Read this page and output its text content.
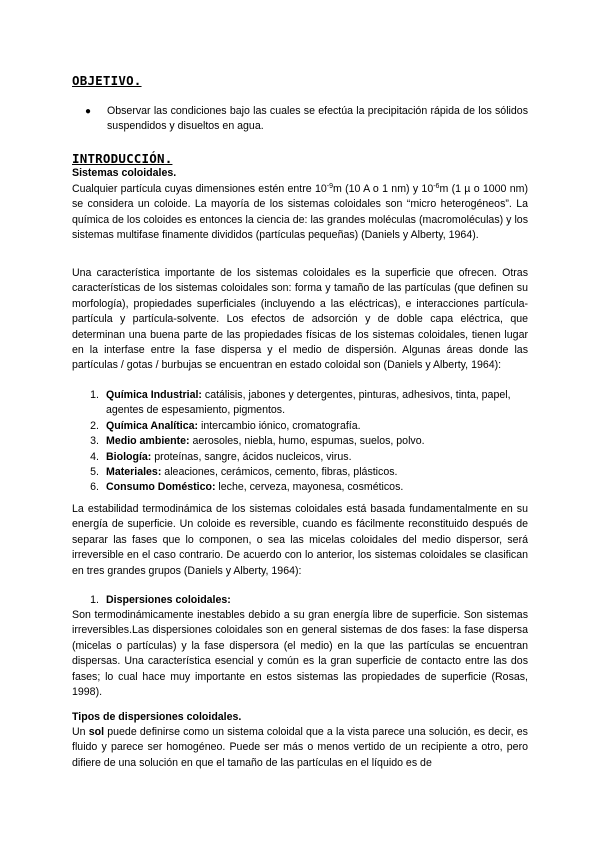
OBJETIVO.
●	Observar las condiciones bajo las cuales se efectúa la precipitación rápida de los sólidos suspendidos y disueltos en agua.
INTRODUCCIÓN.
Sistemas coloidales.
Cualquier partícula cuyas dimensiones estén entre $10^{-9}m$ (10 A o 1 nm) y $10^{-6}m$ (1 µ o 1000 nm) se considera un coloide. La mayoría de los sistemas coloidales son “micro heterogéneos”. La química de los coloides es entonces la ciencia de: las grandes moléculas (macromoléculas) y los sistemas multifase finamente divididos (partículas pequeñas) (Daniels y Alberty, 1964).
Una característica importante de los sistemas coloidales es la superficie que ofrecen. Otras características de los sistemas coloidales son: forma y tamaño de las partículas (que definen su morfología), propiedades superficiales (incluyendo a las eléctricas), e interacciones partícula-partícula y partícula-solvente. Los efectos de adsorción y de doble capa eléctrica, que determinan una buena parte de las propiedades físicas de los sistemas coloidales, tienen lugar en la interfase entre la fase dispersa y el medio de dispersión. Algunas áreas donde las partículas / gotas / burbujas se encuentran en estado coloidal son (Daniels y Alberty, 1964):
1. Química Industrial: catálisis, jabones y detergentes, pinturas, adhesivos, tinta, papel, agentes de espesamiento, pigmentos.
2. Química Analítica: intercambio iónico, cromatografía.
3. Medio ambiente: aerosoles, niebla, humo, espumas, suelos, polvo.
4. Biología: proteínas, sangre, ácidos nucleicos, virus.
5. Materiales: aleaciones, cerámicos, cemento, fibras, plásticos.
6. Consumo Doméstico: leche, cerveza, mayonesa, cosméticos.
La estabilidad termodinámica de los sistemas coloidales está basada fundamentalmente en su energía de superficie. Un coloide es reversible, cuando es fácilmente reconstituido después de separar las fases que lo componen, o sea las micelas coloidales del medio dispersor, será irreversible en el caso contrario. De acuerdo con lo anterior, los sistemas coloidales se clasifican en tres grandes grupos (Daniels y Alberty, 1964):
1. Dispersiones coloidales:
Son termodinámicamente inestables debido a su gran energía libre de superficie. Son sistemas irreversibles.Las dispersiones coloidales son en general sistemas de dos fases: la fase dispersa (micelas o partículas) y la fase dispersora (el medio) en la que las partículas se encuentran dispersas. Una característica esencial y común es la gran superficie de contacto entre las dos fases; lo cual hace muy importante en estos sistemas las propiedades de superficie (Rosas, 1998).
Tipos de dispersiones coloidales.
Un sol puede definirse como un sistema coloidal que a la vista parece una solución, es decir, es fluido y parece ser homogéneo. Puede ser más o menos vertido de un recipiente a otro, pero difiere de una solución en que el tamaño de las partículas en el líquido es de
